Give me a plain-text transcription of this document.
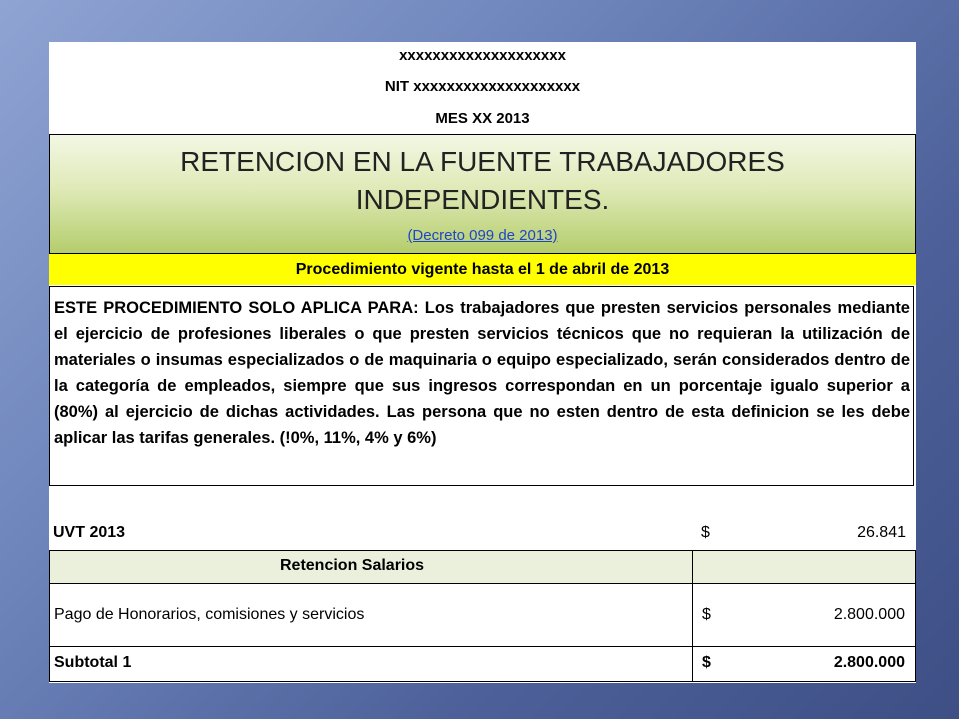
xxxxxxxxxxxxxxxxxxxx
NIT xxxxxxxxxxxxxxxxxxxx
MES XX 2013
RETENCION EN LA FUENTE TRABAJADORES INDEPENDIENTES.
(Decreto 099 de 2013)
Procedimiento vigente hasta el 1 de abril de 2013
ESTE PROCEDIMIENTO SOLO APLICA PARA: Los trabajadores que presten servicios personales mediante el ejercicio de profesiones liberales o que presten servicios técnicos que no requieran la utilización de materiales o insumas especializados o de maquinaria o equipo especializado, serán considerados dentro de la categoría de empleados, siempre que sus ingresos correspondan en un porcentaje igualo superior a (80%) al ejercicio de dichas actividades. Las persona que no esten dentro de esta definicion se les debe aplicar las tarifas generales. (!0%, 11%, 4% y 6%)
UVT 2013	$	26.841
Retencion Salarios
Pago de Honorarios, comisiones y servicios	$	2.800.000
Subtotal 1	$	2.800.000
